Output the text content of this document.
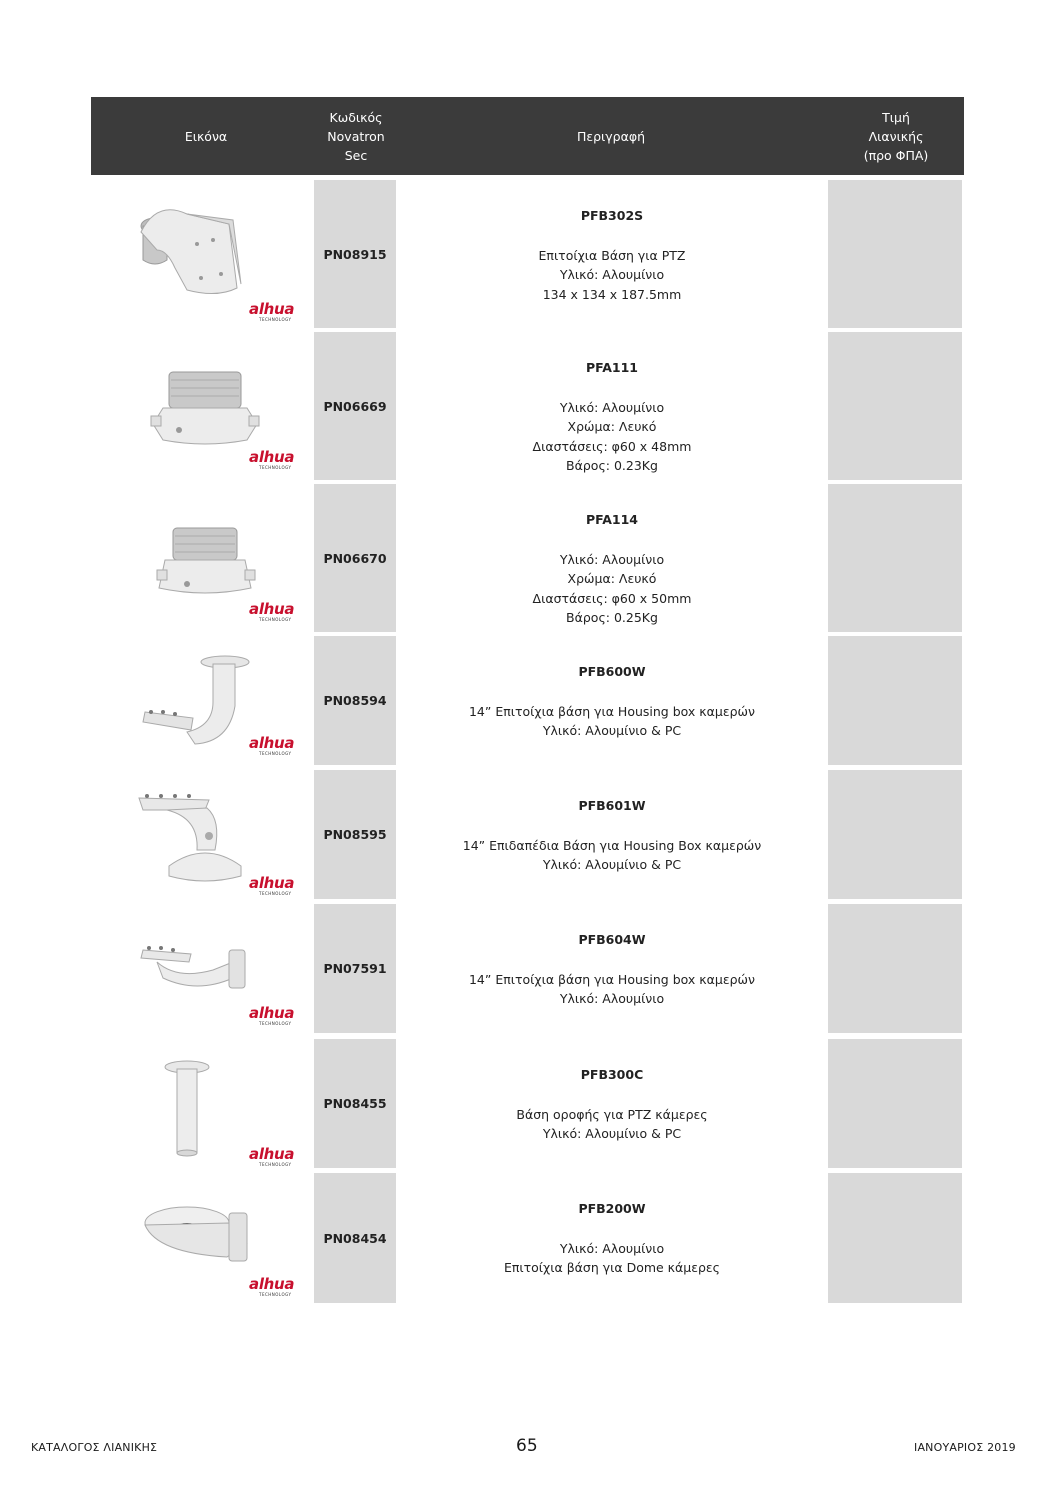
Εικόνα
Κωδικός
Novatron
Sec
Περιγραφή
Τιμή
Λιανικής
(προ ΦΠΑ)
alhua
TECHNOLOGY
PN08915
PFB302S
Επιτοίχια Βάση για PTZ
Υλικό: Αλουμίνιο
134 x 134 x 187.5mm
alhua
TECHNOLOGY
PN06669
PFA111
Υλικό: Αλουμίνιο
Χρώμα: Λευκό
Διαστάσεις: φ60 x 48mm
Βάρος: 0.23Kg
alhua
TECHNOLOGY
PN06670
PFA114
Υλικό: Αλουμίνιο
Χρώμα: Λευκό
Διαστάσεις: φ60 x 50mm
Βάρος: 0.25Kg
alhua
TECHNOLOGY
PN08594
PFB600W
14” Επιτοίχια βάση για Housing box καμερών
Υλικό: Αλουμίνιο & PC
alhua
TECHNOLOGY
PN08595
PFB601W
14” Επιδαπέδια Βάση για Housing Box καμερών
Υλικό: Αλουμίνιο & PC
alhua
TECHNOLOGY
PN07591
PFB604W
14” Επιτοίχια βάση για Housing box καμερών
Υλικό: Αλουμίνιο
alhua
TECHNOLOGY
PN08455
PFB300C
Βάση οροφής για PTZ κάμερες
Υλικό: Αλουμίνιο & PC
alhua
TECHNOLOGY
PN08454
PFB200W
Υλικό: Αλουμίνιο
Επιτοίχια βάση για Dome κάμερες
ΚΑΤΑΛΟΓΟΣ ΛΙΑΝΙΚΗΣ	65	ΙΑΝΟΥΑΡΙΟΣ 2019
